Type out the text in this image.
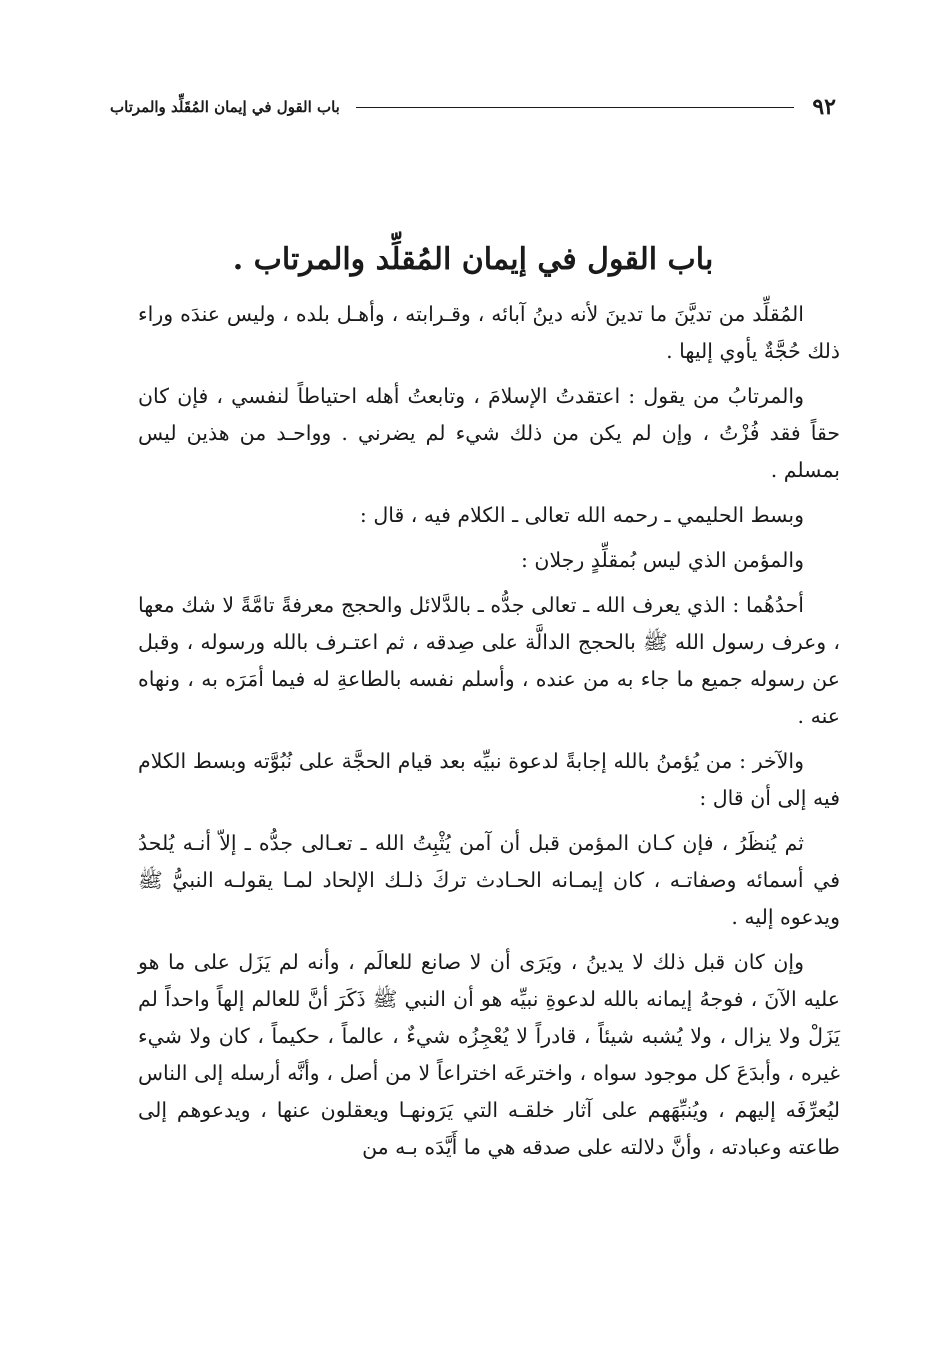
٩٢
باب القول في إيمان المُقَلِّد والمرتاب
باب القول في إيمان المُقلِّد والمرتاب .

المُقلِّد من تديَّنَ ما تدينَ لأنه دينُ آبائه ، وقـرابته ، وأهـل بلده ، وليس عندَه وراء ذلك حُجَّةٌ يأوي إليها .

والمرتابُ من يقول : اعتقدتُ الإسلامَ ، وتابعتُ أهله احتياطاً لنفسي ، فإن كان حقاً فقد فُزْتُ ، وإن لم يكن من ذلك شيء لم يضرني . وواحـد من هذين ليس بمسلم .

وبسط الحليمي ـ رحمه الله تعالى ـ الكلام فيه ، قال :

والمؤمن الذي ليس بُمقلِّدٍ رجلان :

أحدُهُما : الذي يعرف الله ـ تعالى جدُّه ـ بالدَّلائل والحجج معرفةً تامَّةً لا شك معها ، وعرف رسول الله ﷺ بالحجج الدالَّة على صِدقه ، ثم اعتـرف بالله ورسوله ، وقبل عن رسوله جميع ما جاء به من عنده ، وأسلم نفسه بالطاعةِ له فيما أمَرَه به ، ونهاه عنه .

والآخر : من يُؤمنُ بالله إجابةً لدعوة نبيِّه بعد قيام الحجَّة على نُبُوَّته وبسط الكلام فيه إلى أن قال :

ثم يُنظَرُ ، فإن كـان المؤمن قبل أن آمن يُثْبِتُ الله ـ تعـالى جدُّه ـ إلاّ أنـه يُلحدُ في أسمائه وصفاتـه ، كان إيمـانه الحـادث تركَ ذلـك الإلحاد لمـا يقولـه النبيُّ ﷺ ويدعوه إليه .

وإن كان قبل ذلك لا يدينُ ، ويَرَى أن لا صانع للعالَم ، وأنه لم يَزَل على ما هو عليه الآنَ ، فوجهُ إيمانه بالله لدعوةِ نبيِّه هو أن النبي ﷺ ذَكَرَ أنَّ للعالم إلهاً واحداً لم يَزَلْ ولا يزال ، ولا يُشبه شيئاً ، قادراً لا يُعْجِزُه شيءٌ ، عالماً ، حكيماً ، كان ولا شيء غيره ، وأبدَعَ كل موجود سواه ، واخترعَه اختراعاً لا من أصل ، وأنَّه أرسله إلى الناس ليُعرِّفَه إليهم ، ويُنبِّهَهم على آثار خلقـه التي يَرَونهـا ويعقلون عنها ، ويدعوهم إلى طاعته وعبادته ، وأنَّ دلالته على صدقه هي ما أَيَّدَه بـه من
